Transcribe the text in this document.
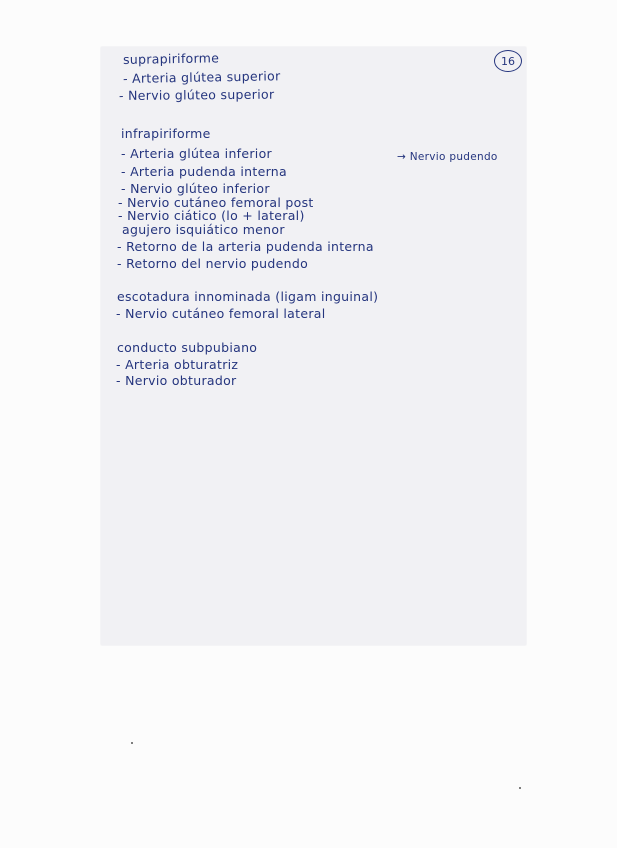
16
suprapiriforme
- Arteria glútea superior
- Nervio glúteo superior
infrapiriforme
- Arteria glútea inferior	→ Nervio pudendo
- Arteria pudenda interna
- Nervio glúteo inferior
- Nervio cutáneo femoral post
- Nervio ciático (lo + lateral)
agujero isquiático menor
- Retorno de la arteria pudenda interna
- Retorno del nervio pudendo
escotadura innominada (ligam inguinal)
- Nervio cutáneo femoral lateral
conducto subpubiano
- Arteria obturatriz
- Nervio obturador
